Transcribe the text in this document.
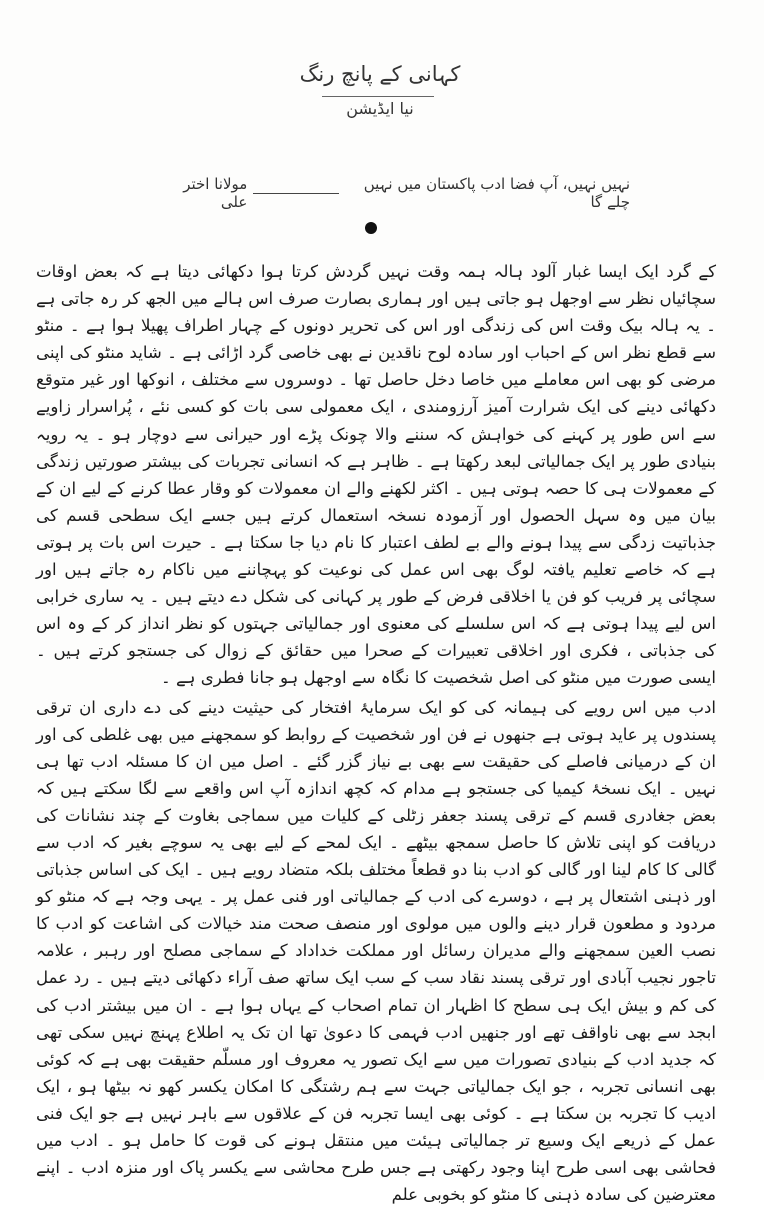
کہانی کے پانچ رنگ
نیا ایڈیشن
نہیں نہیں، آپ فضا ادب پاکستان میں نہیں چلے گا
مولانا اختر علی

کے گرد ایک ایسا غبار آلود ہالہ ہمہ وقت نہیں گردش کرتا ہوا دکھائی دیتا ہے کہ بعض اوقات سچائیاں نظر سے اوجھل ہو جاتی ہیں اور ہماری بصارت صرف اس ہالے میں الجھ کر رہ جاتی ہے ۔ یہ ہالہ بیک وقت اس کی زندگی اور اس کی تحریر دونوں کے چہار اطراف پھیلا ہوا ہے ۔ منٹو سے قطع نظر اس کے احباب اور سادہ لوح ناقدین نے بھی خاصی گرد اڑائی ہے ۔ شاید منٹو کی اپنی مرضی کو بھی اس معاملے میں خاصا دخل حاصل تھا ۔ دوسروں سے مختلف ، انوکھا اور غیر متوقع دکھائی دینے کی ایک شرارت آمیز آرزومندی ، ایک معمولی سی بات کو کسی نئے ، پُراسرار زاویے سے اس طور پر کہنے کی خواہش کہ سننے والا چونک پڑے اور حیرانی سے دوچار ہو ۔ یہ رویہ بنیادی طور پر ایک جمالیاتی لبعد رکھتا ہے ۔ ظاہر ہے کہ انسانی تجربات کی بیشتر صورتیں زندگی کے معمولات ہی کا حصہ ہوتی ہیں ۔ اکثر لکھنے والے ان معمولات کو وقار عطا کرنے کے لیے ان کے بیان میں وہ سہل الحصول اور آزمودہ نسخہ استعمال کرتے ہیں جسے ایک سطحی قسم کی جذباتیت زدگی سے پیدا ہونے والے بے لطف اعتبار کا نام دیا جا سکتا ہے ۔ حیرت اس بات پر ہوتی ہے کہ خاصے تعلیم یافتہ لوگ بھی اس عمل کی نوعیت کو پہچاننے میں ناکام رہ جاتے ہیں اور سچائی پر فریب کو فن یا اخلاقی فرض کے طور پر کہانی کی شکل دے دیتے ہیں ۔ یہ ساری خرابی اس لیے پیدا ہوتی ہے کہ اس سلسلے کی معنوی اور جمالیاتی جہتوں کو نظر انداز کر کے وہ اس کی جذباتی ، فکری اور اخلاقی تعبیرات کے صحرا میں حقائق کے زوال کی جستجو کرتے ہیں ۔ ایسی صورت میں منٹو کی اصل شخصیت کا نگاہ سے اوجھل ہو جانا فطری ہے ۔

ادب میں اس رویے کی ہیمانہ کی کو ایک سرمایۂ افتخار کی حیثیت دینے کی دے داری ان ترقی پسندوں پر عاید ہوتی ہے جنھوں نے فن اور شخصیت کے روابط کو سمجھنے میں بھی غلطی کی اور ان کے درمیانی فاصلے کی حقیقت سے بھی بے نیاز گزر گئے ۔ اصل میں ان کا مسئلہ ادب تھا ہی نہیں ۔ ایک نسخۂ کیمیا کی جستجو ہے مدام کہ کچھ اندازہ آپ اس واقعے سے لگا سکتے ہیں کہ بعض جغادری قسم کے ترقی پسند جعفر زٹلی کے کلیات میں سماجی بغاوت کے چند نشانات کی دریافت کو اپنی تلاش کا حاصل سمجھ بیٹھے ۔ ایک لمحے کے لیے بھی یہ سوچے بغیر کہ ادب سے گالی کا کام لینا اور گالی کو ادب بنا دو قطعاً مختلف بلکہ متضاد رویے ہیں ۔ ایک کی اساس جذباتی اور ذہنی اشتعال پر ہے ، دوسرے کی ادب کے جمالیاتی اور فنی عمل پر ۔ یہی وجہ ہے کہ منٹو کو مردود و مطعون قرار دینے والوں میں مولوی اور منصف صحت مند خیالات کی اشاعت کو ادب کا نصب العین سمجھنے والے مدیران رسائل اور مملکت خداداد کے سماجی مصلح اور رہبر ، علامہ تاجور نجیب آبادی اور ترقی پسند نقاد سب کے سب ایک ساتھ صف آراء دکھائی دیتے ہیں ۔ رد عمل کی کم و بیش ایک ہی سطح کا اظہار ان تمام اصحاب کے یہاں ہوا ہے ۔ ان میں بیشتر ادب کی ابجد سے بھی ناواقف تھے اور جنھیں ادب فہمی کا دعویٰ تھا ان تک یہ اطلاع پہنچ نہیں سکی تھی کہ جدید ادب کے بنیادی تصورات میں سے ایک تصور یہ معروف اور مسلّم حقیقت بھی ہے کہ کوئی بھی انسانی تجربہ ، جو ایک جمالیاتی جہت سے ہم رشتگی کا امکان یکسر کھو نہ بیٹھا ہو ، ایک ادیب کا تجربہ بن سکتا ہے ۔ کوئی بھی ایسا تجربہ فن کے علاقوں سے باہر نہیں ہے جو ایک فنی عمل کے ذریعے ایک وسیع تر جمالیاتی ہیئت میں منتقل ہونے کی قوت کا حامل ہو ۔ ادب میں فحاشی بھی اسی طرح اپنا وجود رکھتی ہے جس طرح محاشی سے یکسر پاک اور منزہ ادب ۔ اپنے معترضین کی سادہ ذہنی کا منٹو کو بخوبی علم
